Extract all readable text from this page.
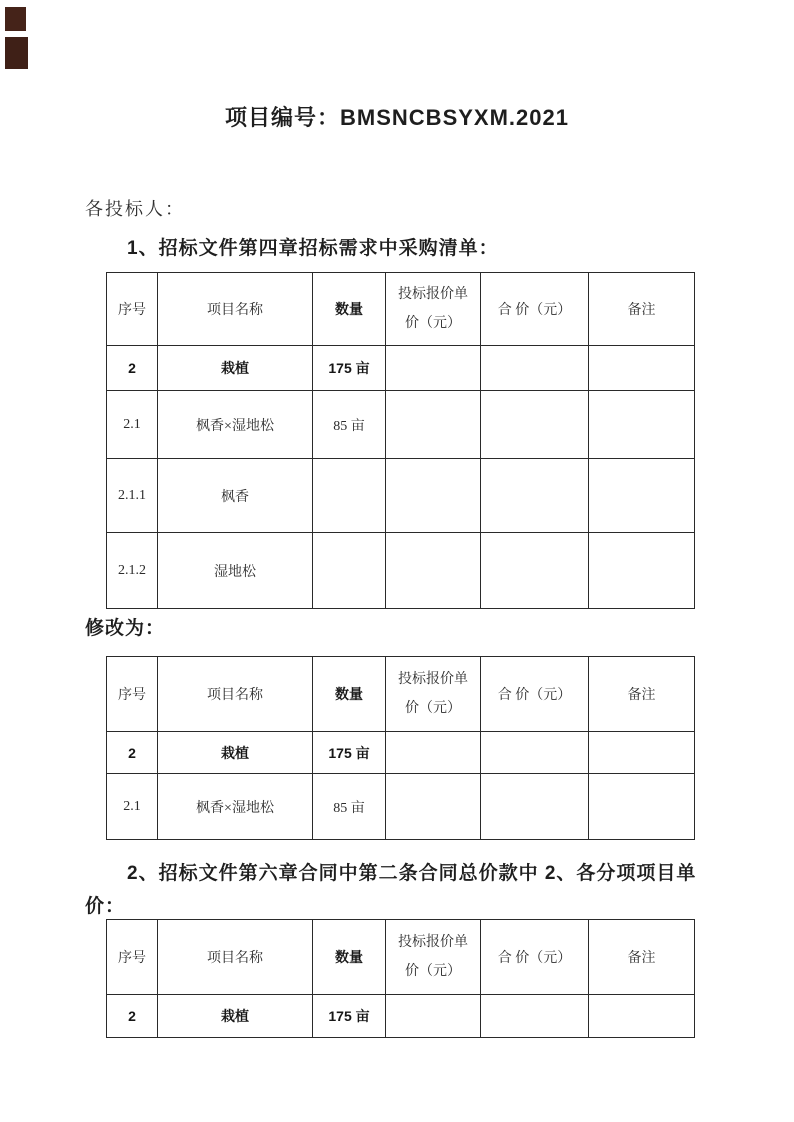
项目编号：BMSNCBSYXM.2021
各投标人：
1、招标文件第四章招标需求中采购清单：
序号	项目名称	数量	投标报价单价（元）	合 价（元）	备注
2	栽植	175 亩			
2.1	枫香×湿地松	85 亩			
2.1.1	枫香				
2.1.2	湿地松				
修改为：
序号	项目名称	数量	投标报价单价（元）	合 价（元）	备注
2	栽植	175 亩			
2.1	枫香×湿地松	85 亩			
2、招标文件第六章合同中第二条合同总价款中 2、各分项项目单价：
序号	项目名称	数量	投标报价单价（元）	合 价（元）	备注
2	栽植	175 亩			
